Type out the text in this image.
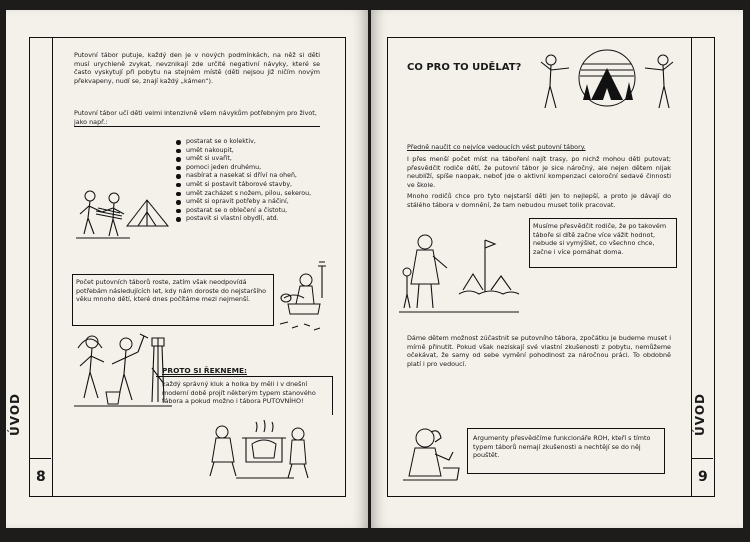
ÚVOD
8

Putovní tábor putuje, každý den je v nových podmínkách, na něž si děti musí urychleně zvykat, nevznikají zde určité negativní návyky, které se často vyskytují při pobytu na stejném místě (děti nejsou již ničím novým překvapeny, nudí se, znají každý „kámen“).

Putovní tábor učí děti velmi intenzivně všem návykům potřebným pro život, jako např.:

postarat se o kolektiv,
umět nakoupit,
umět si uvařit,
pomoci jeden druhému,
nasbírat a nasekat si dříví na oheň,
umět si postavit táborové stavby,
umět zacházet s nožem, pilou, sekerou,
umět si opravit potřeby a náčiní,
postarat se o oblečení a čistotu,
postavit si vlastní obydlí, atd.

Počet putovních táborů roste, zatím však neodpovídá potřebám následujících let, kdy nám doroste do nejstaršího věku mnoho dětí, které dnes počítáme mezi nejmenší.

PROTO SI ŘEKNEME:

každý správný kluk a holka by měli i v dnešní moderní době projít některým typem stanového tábora a pokud možno i tábora PUTOVNÍHO!	ÚVOD
9
CO PRO TO UDĚLAT?
Předně naučit co nejvíce vedoucích vést putovní tábory.

I přes menší počet míst na táboření najít trasy, po nichž mohou děti putovat; přesvědčit rodiče dětí, že putovní tábor je sice náročný, ale nejen dětem nijak neublíží, spíše naopak, neboť jde o aktivní kompenzaci celoroční sedavé činnosti ve škole.

Mnoho rodičů chce pro tyto nejstarší děti jen to nejlepší, a proto je dávají do stálého tábora v domnění, že tam nebudou muset tolik pracovat.

Musíme přesvědčit rodiče, že po takovém táboře si dítě začne více vážit hodnot, nebude si vymýšlet, co všechno chce, začne i více pomáhat doma.

Dáme dětem možnost zúčastnit se putovního tábora, zpočátku je budeme muset i mírně přinutit. Pokud však neziskají své vlastní zkušenosti z pobytu, nemůžeme očekávat, že samy od sebe vymění pohodlnost za náročnou práci. To obdobně platí i pro vedoucí.

Argumenty přesvědčíme funkcionáře ROH, kteří s tímto typem táborů nemají zkušenosti a nechtějí se do něj pouštět.
